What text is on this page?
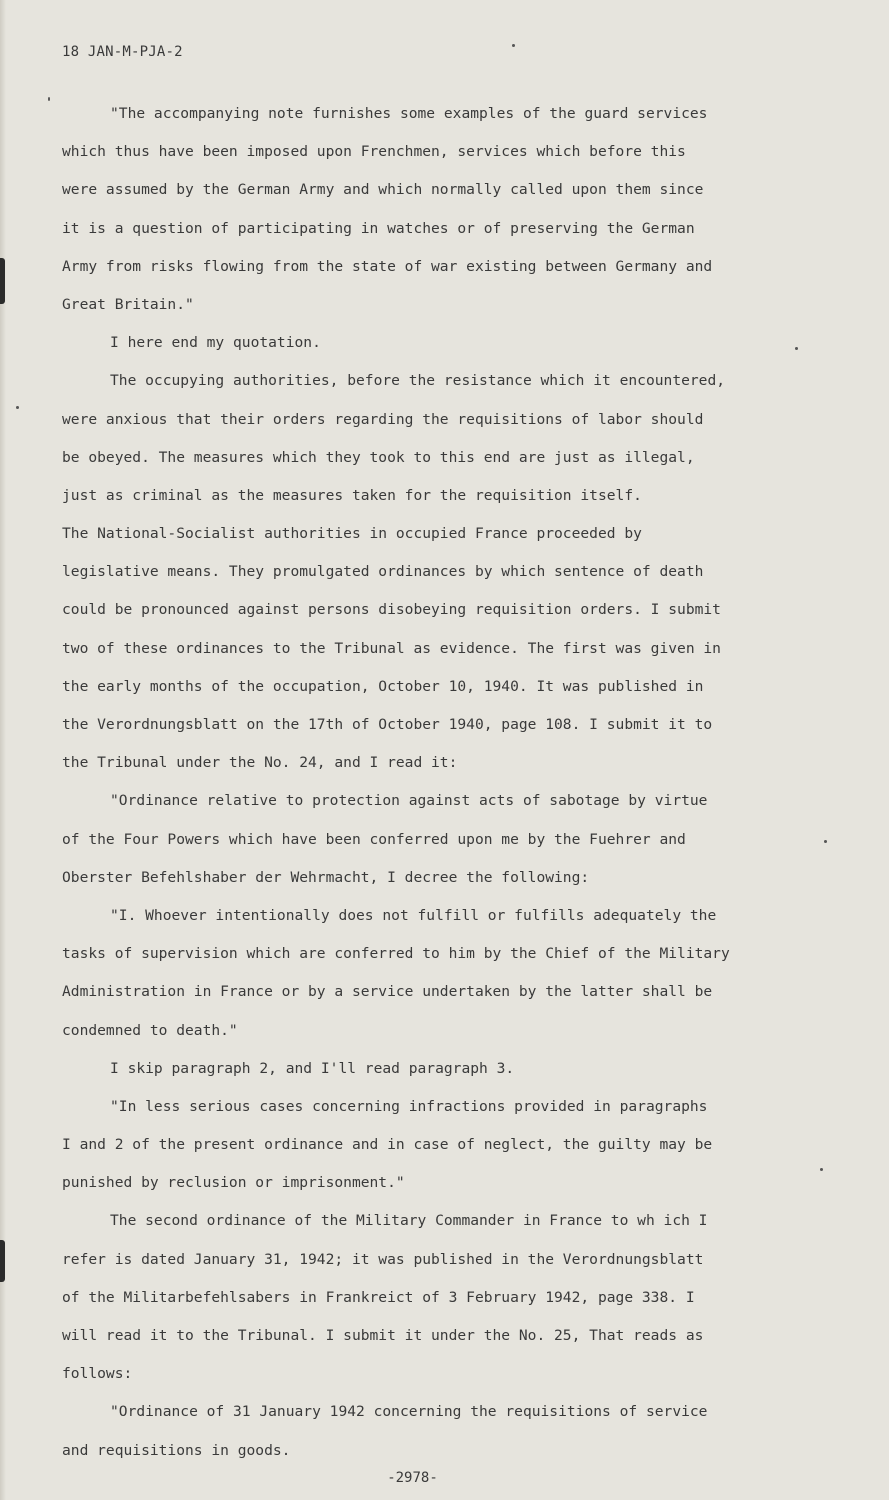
18 JAN-M-PJA-2
"The accompanying note furnishes some examples of the guard services
which thus have been imposed upon Frenchmen, services which before this
were assumed by the German Army and which normally called upon them since
it is a question of participating in watches or of preserving the German
Army from risks flowing from the state of war existing between Germany and
Great Britain."
I here end my quotation.
The occupying authorities, before the resistance which it encountered,
were anxious that their orders regarding the requisitions of labor should
be obeyed. The measures which they took to this end are just as illegal,
just as criminal as the measures taken for the requisition itself.
The National-Socialist authorities in occupied France proceeded by
legislative means. They promulgated ordinances by which sentence of death
could be pronounced against persons disobeying requisition orders. I submit
two of these ordinances to the Tribunal as evidence. The first was given in
the early months of the occupation, October 10, 1940. It was published in
the Verordnungsblatt on the 17th of October 1940, page 108. I submit it to
the Tribunal under the No. 24, and I read it:
"Ordinance relative to protection against acts of sabotage by virtue
of the Four Powers which have been conferred upon me by the Fuehrer and
Oberster Befehlshaber der Wehrmacht, I decree the following:
"I. Whoever intentionally does not fulfill or fulfills adequately the
tasks of supervision which are conferred to him by the Chief of the Military
Administration in France or by a service undertaken by the latter shall be
condemned to death."
I skip paragraph 2, and I'll read paragraph 3.
"In less serious cases concerning infractions provided in paragraphs
I and 2 of the present ordinance and in case of neglect, the guilty may be
punished by reclusion or imprisonment."
The second ordinance of the Military Commander in France to wh ich I
refer is dated January 31, 1942; it was published in the Verordnungsblatt
of the Militarbefehlsabers in Frankreict of 3 February 1942, page 338. I
will read it to the Tribunal. I submit it under the No. 25, That reads as
follows:
"Ordinance of 31 January 1942 concerning the requisitions of service
and requisitions in goods.
-2978-
